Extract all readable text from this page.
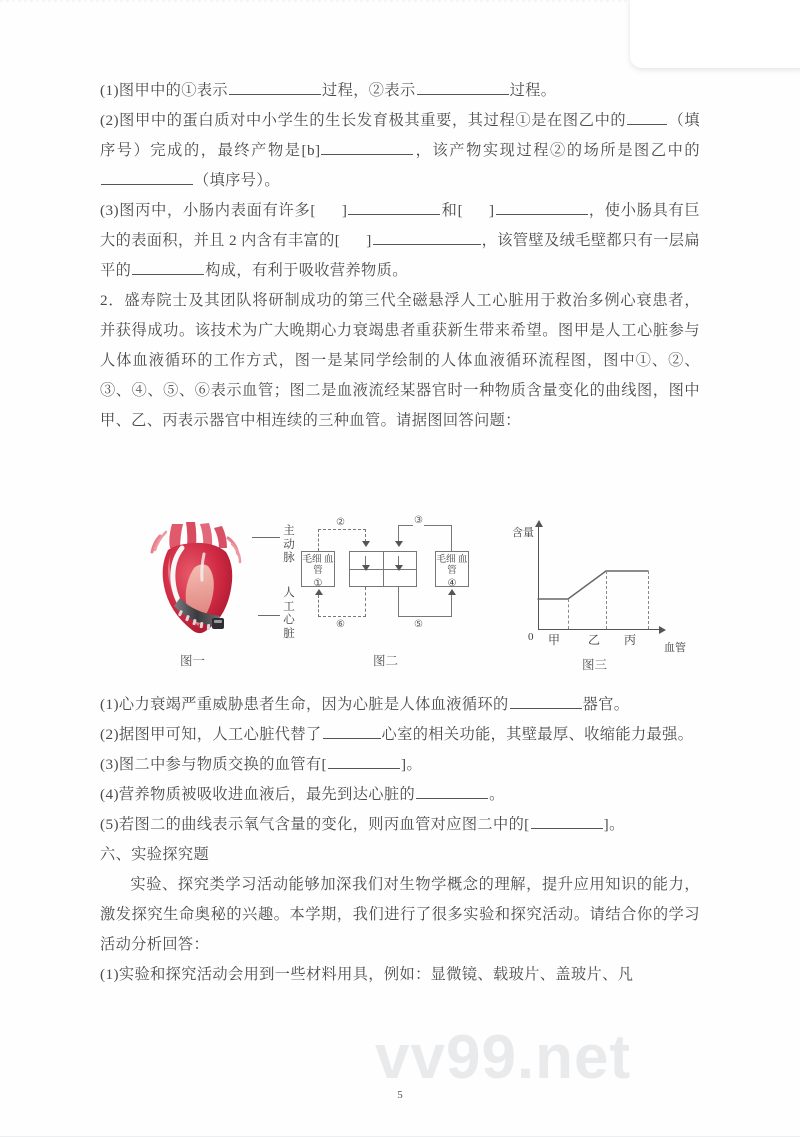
vv99.net
(1)图甲中的①表示	过程，②表示	过程。
(2)图甲中的蛋白质对中小学生的生长发育极其重要，其过程①是在图乙中的	（填序号）完成的，最终产物是[b]	，该产物实现过程②的场所是图乙中的（填序号）。
(3)图丙中，小肠内表面有许多[ ]	和[ ]	，使小肠具有巨大的表面积，并且 2 内含有丰富的[ ]	，该管壁及绒毛壁都只有一层扁平的	构成，有利于吸收营养物质。
2．盛寿院士及其团队将研制成功的第三代全磁悬浮人工心脏用于救治多例心衰患者，并获得成功。该技术为广大晚期心力衰竭患者重获新生带来希望。图甲是人工心脏参与人体血液循环的工作方式，图一是某同学绘制的人体血液循环流程图，图中①、②、③、④、⑤、⑥表示血管；图二是血液流经某器官时一种物质含量变化的曲线图，图中甲、乙、丙表示器官中相连续的三种血管。请据图回答问题：
主动脉
人工心脏
图一
毛细 血管
①
毛细 血管
④
②	③
⑤
⑥
图二
含量
血管
0 甲 乙 丙
图三
(1)心力衰竭严重威胁患者生命，因为心脏是人体血液循环的	器官。
(2)据图甲可知，人工心脏代替了	心室的相关功能，其壁最厚、收缩能力最强。
(3)图二中参与物质交换的血管有[	]。
(4)营养物质被吸收进血液后，最先到达心脏的	。
(5)若图二的曲线表示氧气含量的变化，则丙血管对应图二中的[	]。
六、实验探究题
实验、探究类学习活动能够加深我们对生物学概念的理解，提升应用知识的能力，激发探究生命奥秘的兴趣。本学期，我们进行了很多实验和探究活动。请结合你的学习活动分析回答：
(1)实验和探究活动会用到一些材料用具，例如：显微镜、载玻片、盖玻片、凡
5
